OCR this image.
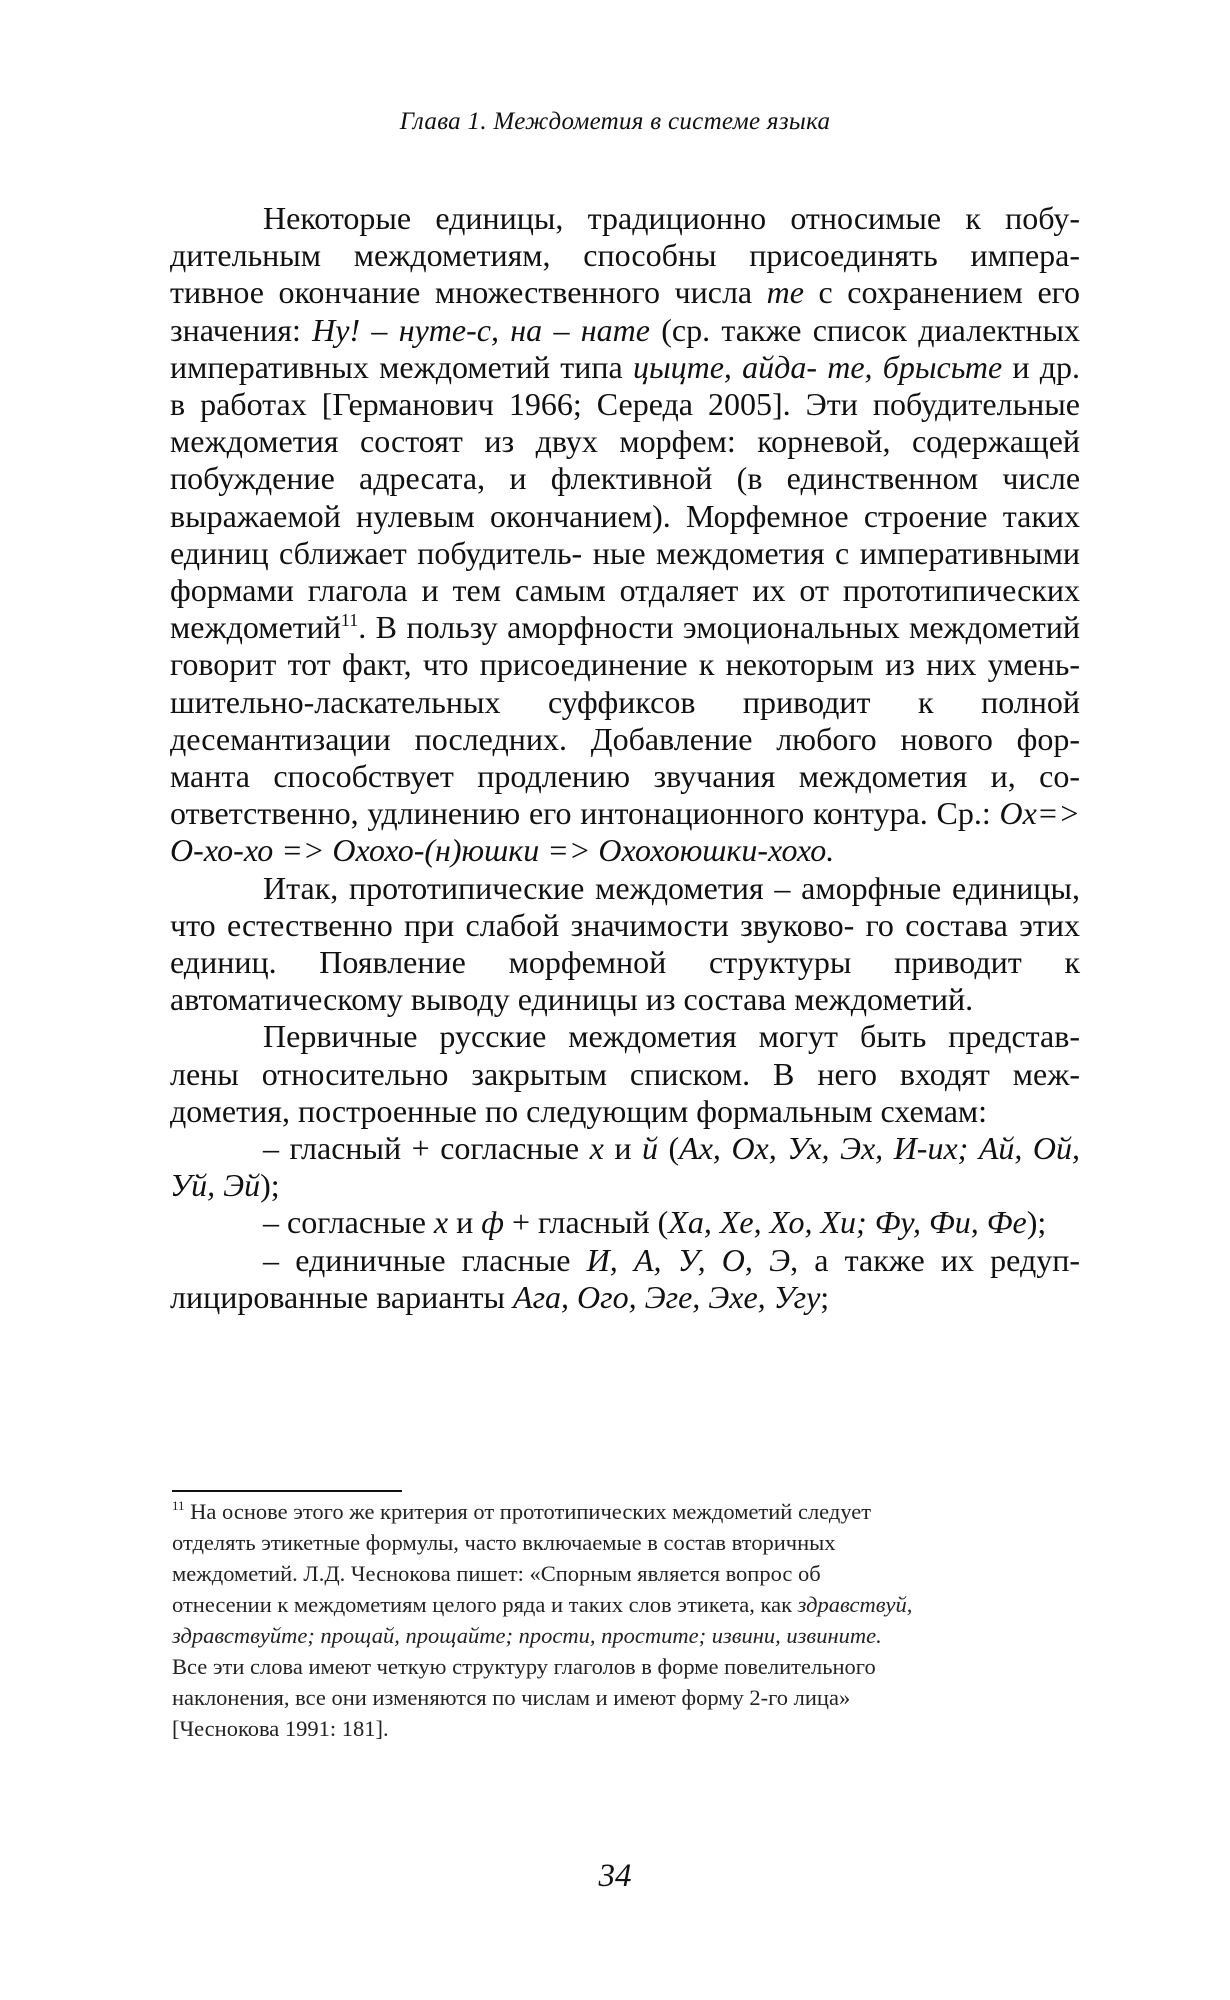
Глава 1. Междометия в системе языка

Некоторые единицы, традиционно относимые к побу- дительным междометиям, способны присоединять импера- тивное окончание множественного числа те с сохранением его значения: Ну! – нуте-с, на – нате (ср. также список диалектных императивных междометий типа цыцте, айда- те, брысьте и др. в работах [Германович 1966; Середа 2005]. Эти побудительные междометия состоят из двух морфем: корневой, содержащей побуждение адресата, и флективной (в единственном числе выражаемой нулевым окончанием). Морфемное строение таких единиц сближает побудитель- ные междометия с императивными формами глагола и тем самым отдаляет их от прототипических междометий$^{11}$. В пользу аморфности эмоциональных междометий говорит тот факт, что присоединение к некоторым из них умень- шительно-ласкательных суффиксов приводит к полной десемантизации последних. Добавление любого нового фор- манта способствует продлению звучания междометия и, со- ответственно, удлинению его интонационного контура. Ср.: Ох=> О-хо-хо => Охохо-(н)юшки => Охохоюшки-хохо.

Итак, прототипические междометия – аморфные единицы, что естественно при слабой значимости звуково- го состава этих единиц. Появление морфемной структуры приводит к автоматическому выводу единицы из состава междометий.

Первичные русские междометия могут быть представ- лены относительно закрытым списком. В него входят меж- дометия, построенные по следующим формальным схемам:

– гласный + согласные х и й (Ах, Ох, Ух, Эх, И-их; Ай, Ой, Уй, Эй);

– согласные х и ф + гласный (Ха, Хе, Хо, Хи; Фу, Фи, Фе);

– единичные гласные И, А, У, О, Э, а также их редуп- лицированные варианты Ага, Ого, Эге, Эхе, Угу;

$^{11}$ На основе этого же критерия от прототипических междометий следует
отделять этикетные формулы, часто включаемые в состав вторичных
междометий. Л.Д. Чеснокова пишет: «Спорным является вопрос об
отнесении к междометиям целого ряда и таких слов этикета, как здравствуй,
здравствуйте; прощай, прощайте; прости, простите; извини, извините.
Все эти слова имеют четкую структуру глаголов в форме повелительного
наклонения, все они изменяются по числам и имеют форму 2-го лица»
[Чеснокова 1991: 181].
34
